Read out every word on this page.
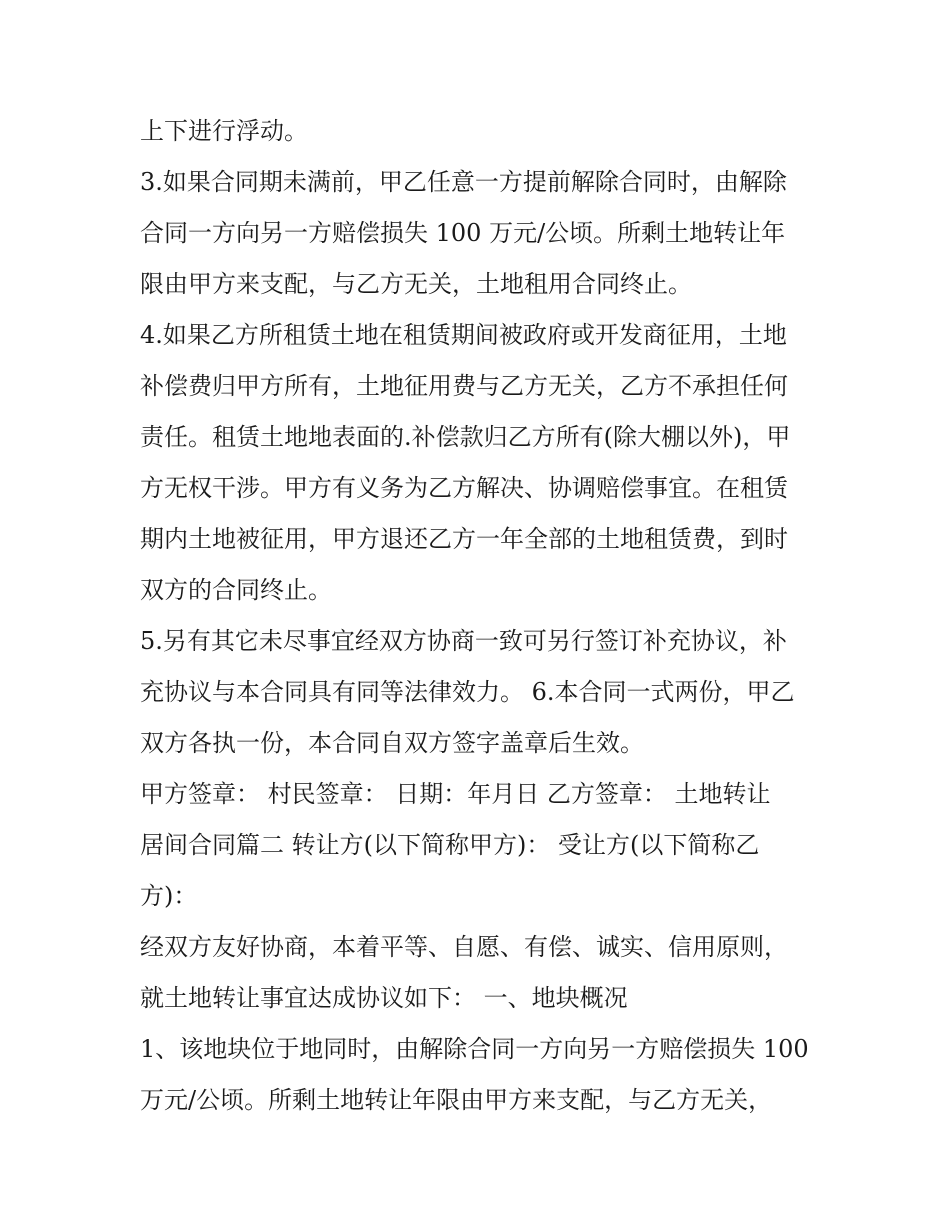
上下进行浮动。
3.如果合同期未满前，甲乙任意一方提前解除合同时，由解除
合同一方向另一方赔偿损失 100 万元/公顷。所剩土地转让年
限由甲方来支配，与乙方无关，土地租用合同终止。
4.如果乙方所租赁土地在租赁期间被政府或开发商征用，土地
补偿费归甲方所有，土地征用费与乙方无关，乙方不承担任何
责任。租赁土地地表面的.补偿款归乙方所有(除大棚以外)，甲
方无权干涉。甲方有义务为乙方解决、协调赔偿事宜。在租赁
期内土地被征用，甲方退还乙方一年全部的土地租赁费，到时
双方的合同终止。
5.另有其它未尽事宜经双方协商一致可另行签订补充协议，补
充协议与本合同具有同等法律效力。 6.本合同一式两份，甲乙
双方各执一份，本合同自双方签字盖章后生效。
甲方签章： 村民签章： 日期：年月日 乙方签章： 土地转让
居间合同篇二 转让方(以下简称甲方)： 受让方(以下简称乙
方)：
经双方友好协商，本着平等、自愿、有偿、诚实、信用原则，
就土地转让事宜达成协议如下： 一、地块概况
1、该地块位于地同时，由解除合同一方向另一方赔偿损失 100
万元/公顷。所剩土地转让年限由甲方来支配，与乙方无关，
